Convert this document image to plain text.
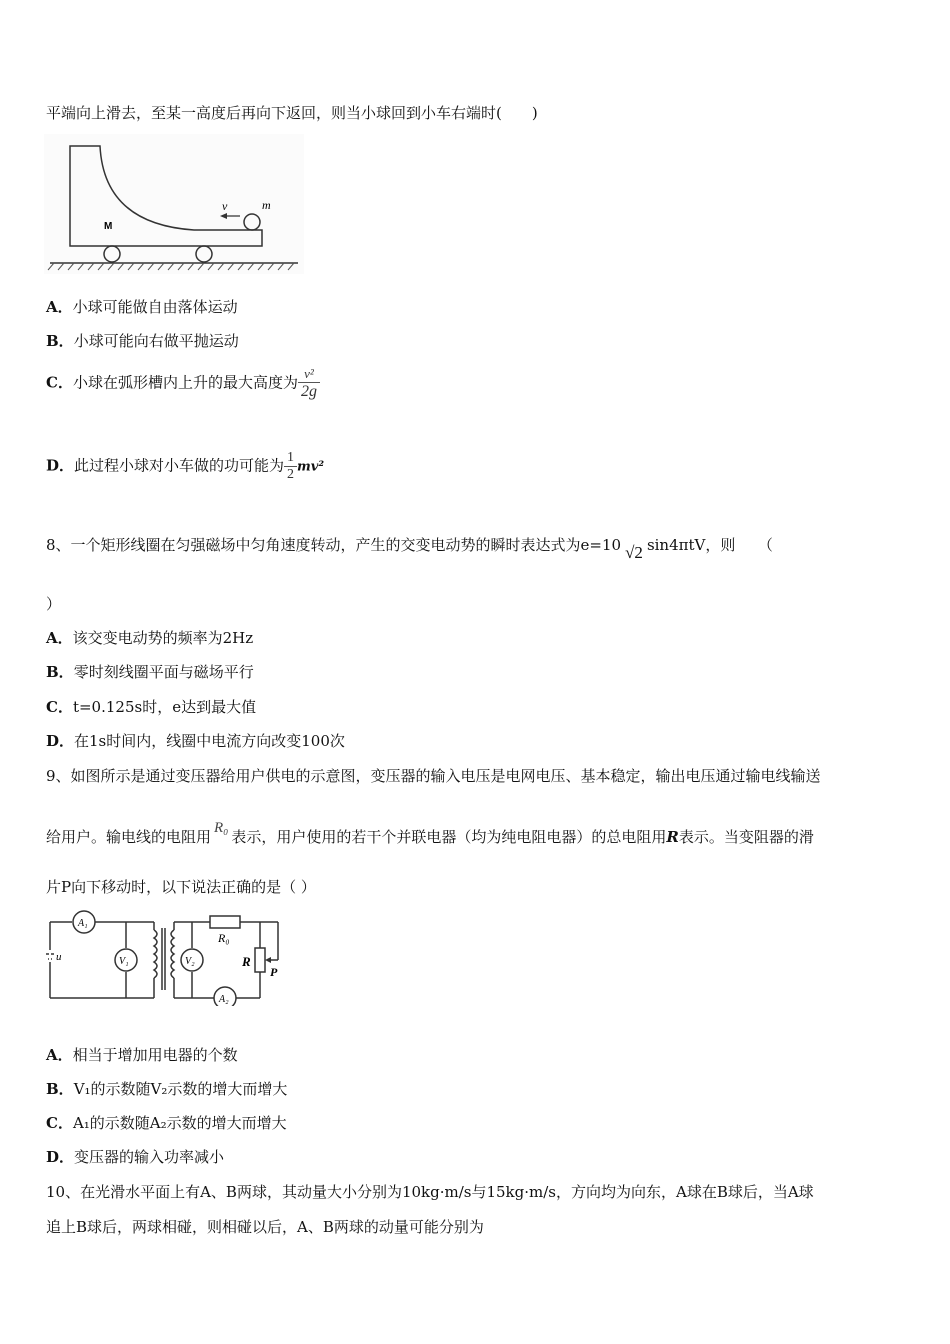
平端向上滑去，至某一高度后再向下返回，则当小球回到小车右端时(　　)
M
v	m
A．小球可能做自由落体运动
B．小球可能向右做平抛运动
C．小球在弧形槽内上升的最大高度为 $\frac{\text{v²}}{2g}$
D．此过程小球对小车做的功可能为 $\frac{1}{2} mv^2$
8、一个矩形线圈在匀强磁场中匀角速度转动，产生的交变电动势的瞬时表达式为e=10 √2 sin4πtV，则　　（
）
A．该交变电动势的频率为2Hz
B．零时刻线圈平面与磁场平行
C．t=0.125s时，e达到最大值
D．在1s时间内，线圈中电流方向改变100次
9、如图所示是通过变压器给用户供电的示意图，变压器的输入电压是电网电压、基本稳定，输出电压通过输电线输送
给用户。输电线的电阻用 R₀ 表示，用户使用的若干个并联电器（均为纯电阻电器）的总电阻用R表示。当变阻器的滑
片P向下移动时，以下说法正确的是（ ）
A₁
V₁	V₂
A₂
u
R₀
R
P
A．相当于增加用电器的个数
B．V₁的示数随V₂示数的增大而增大
C．A₁的示数随A₂示数的增大而增大
D．变压器的输入功率减小
10、在光滑水平面上有A、B两球，其动量大小分别为10kg·m/s与15kg·m/s，方向均为向东，A球在B球后，当A球
追上B球后，两球相碰，则相碰以后，A、B两球的动量可能分别为
